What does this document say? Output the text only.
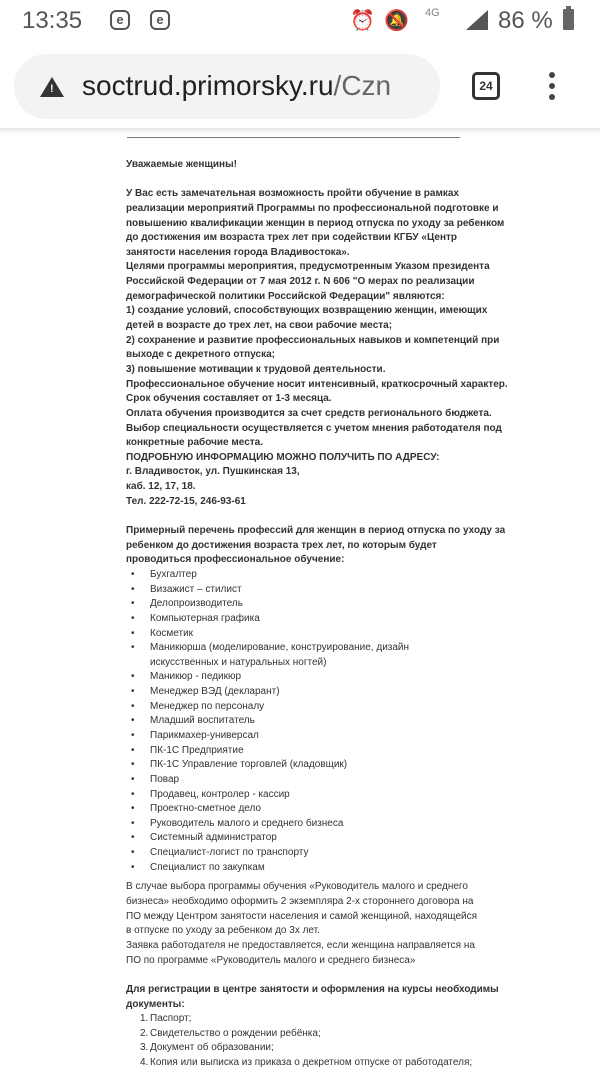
13:35	e	e	⏰ 🔕 4G 86 %
! soctrud.primorsky.ru/Czn	24
Уважаемые женщины!
У Вас есть замечательная возможность пройти обучение в рамках
реализации мероприятий Программы по профессиональной подготовке и
повышению квалификации женщин в период отпуска по уходу за ребенком
до достижения им возраста трех лет при содействии КГБУ «Центр
занятости населения города Владивостока».
Целями программы мероприятия, предусмотренным Указом президента
Российской Федерации от 7 мая 2012 г. N 606 "О мерах по реализации
демографической политики Российской Федерации" являются:
1) создание условий, способствующих возвращению женщин, имеющих
детей в возрасте до трех лет, на свои рабочие места;
2) сохранение и развитие профессиональных навыков и компетенций при
выходе с декретного отпуска;
3) повышение мотивации к трудовой деятельности.
Профессиональное обучение носит интенсивный, краткосрочный характер.
Срок обучения составляет от 1-3 месяца.
Оплата обучения производится за счет средств регионального бюджета.
Выбор специальности осуществляется с учетом мнения работодателя под
конкретные рабочие места.
ПОДРОБНУЮ ИНФОРМАЦИЮ МОЖНО ПОЛУЧИТЬ ПО АДРЕСУ:
г. Владивосток, ул. Пушкинская 13,
каб. 12, 17, 18.
Тел. 222-72-15, 246-93-61
Примерный перечень профессий для женщин в период отпуска по уходу за
ребенком до достижения возраста трех лет, по которым будет
проводиться профессиональное обучение:
• Бухгалтер
• Визажист – стилист
• Делопроизводитель
• Компьютерная графика
• Косметик
• Маникюрша (моделирование, конструирование, дизайн
искусственных и натуральных ногтей)
• Маникюр - педикюр
• Менеджер ВЭД (декларант)
• Менеджер по персоналу
• Младший воспитатель
• Парикмахер-универсал
• ПК-1С Предприятие
• ПК-1С Управление торговлей (кладовщик)
• Повар
• Продавец, контролер - кассир
• Проектно-сметное дело
• Руководитель малого и среднего бизнеса
• Системный администратор
• Специалист-логист по транспорту
• Специалист по закупкам
В случае выбора программы обучения «Руководитель малого и среднего
бизнеса» необходимо оформить 2 экземпляра 2-х стороннего договора на
ПО между Центром занятости населения и самой женщиной, находящейся
в отпуске по уходу за ребенком до 3х лет.
Заявка работодателя не предоставляется, если женщина направляется на
ПО по программе «Руководитель малого и среднего бизнеса»
Для регистрации в центре занятости и оформления на курсы необходимы
документы:
1. Паспорт;
2. Свидетельство о рождении ребёнка;
3. Документ об образовании;
4. Копия или выписка из приказа о декретном отпуске от работодателя;
